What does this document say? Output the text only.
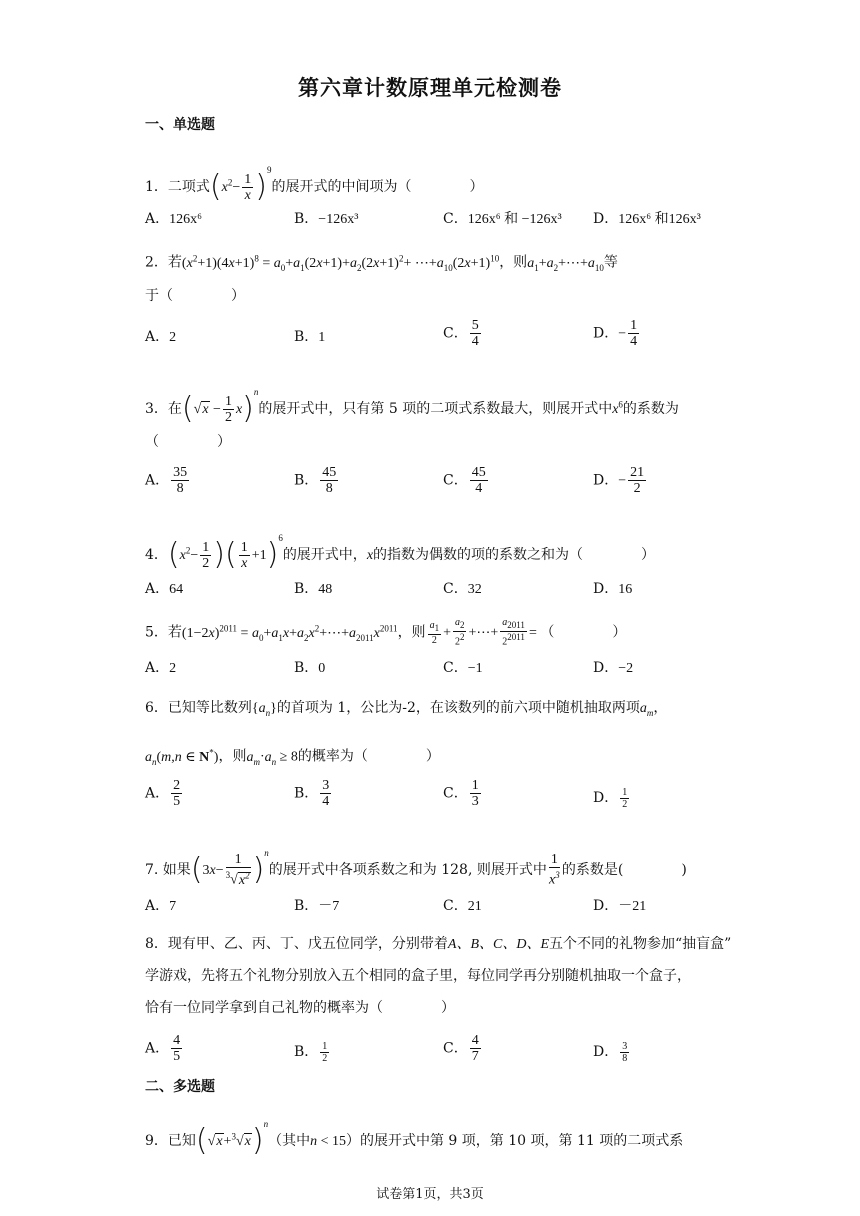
第六章计数原理单元检测卷
一、单选题
1．二项式$(x^2- \frac{1}{x} )^9$的展开式的中间项为（	）
A．126x⁶	B．−126x³	C．126x⁶ 和 −126x³ D．126x⁶ 和126x³
2．若$(x^2+1)(4x+1)^8 = a_0+a_1(2x+1)+a_2(2x+1)^2+$ $\cdots+a_{10}(2x+1)^{10}$，则$a_1+a_2+\cdots+a_{10}$等
于（	）
A．2	B．1	C． $\frac{5}{4}$	D．− $\frac{1}{4}$
3．在$(√x - \frac{1}{2} x)^n$的展开式中，只有第 5 项的二项式系数最大，则展开式中$x^6$的系数为
（	）
A． $\frac{35}{8}$	B． $\frac{45}{8}$	C． $\frac{45}{4}$	D．− $\frac{21}{2}$
4．($x^2- \frac{1}{2}$ )( $\frac{1}{x} +1)^6$的展开式中，x的指数为偶数的项的系数之和为（	）
A．64	B．48	C．32	D．16
5．若$(1-2x)^{2011}$ = $a_0+a_1x+a_2x^2+\cdots+a_{2011}x^{2011}$，则 $\frac{a_1}{2} + \frac{a_2}{2^2}$ +⋯+ $\frac{a_{2011}}{2^{2011}}$ = （	）
A．2	B．0	C．−1	D．−2
6．已知等比数列$\{a_n\}$的首项为 1，公比为-2，在该数列的前六项中随机抽取两项$a_m$，
$a_n(m,n$ ∈ N*)，则$a_m\cdot a_n \ge 8$的概率为（	）
A． $\frac{2}{5}$	B． $\frac{3}{4}$	C． $\frac{1}{3}$	D． $\frac{1}{2}$
7. 如果$(3x- \frac{1}{^3√x^2} )^n$的展开式中各项系数之和为 128, 则展开式中 $\frac{1}{x^3}$ 的系数是(	)
A．7	B．－7	C．21	D．－21
8．现有甲、乙、丙、丁、戊五位同学，分别带着A、B、C、D、E五个不同的礼物参加“抽盲盒”
学游戏，先将五个礼物分别放入五个相同的盒子里，每位同学再分别随机抽取一个盒子，
恰有一位同学拿到自己礼物的概率为（	）
A． $\frac{4}{5}$	B． $\frac{1}{2}$	C． $\frac{4}{7}$	D． $\frac{3}{8}$
二、多选题
9．已知$(√x+^3√x)^n$（其中n < 15）的展开式中第 9 项，第 10 项，第 11 项的二项式系
试卷第1页，共3页
